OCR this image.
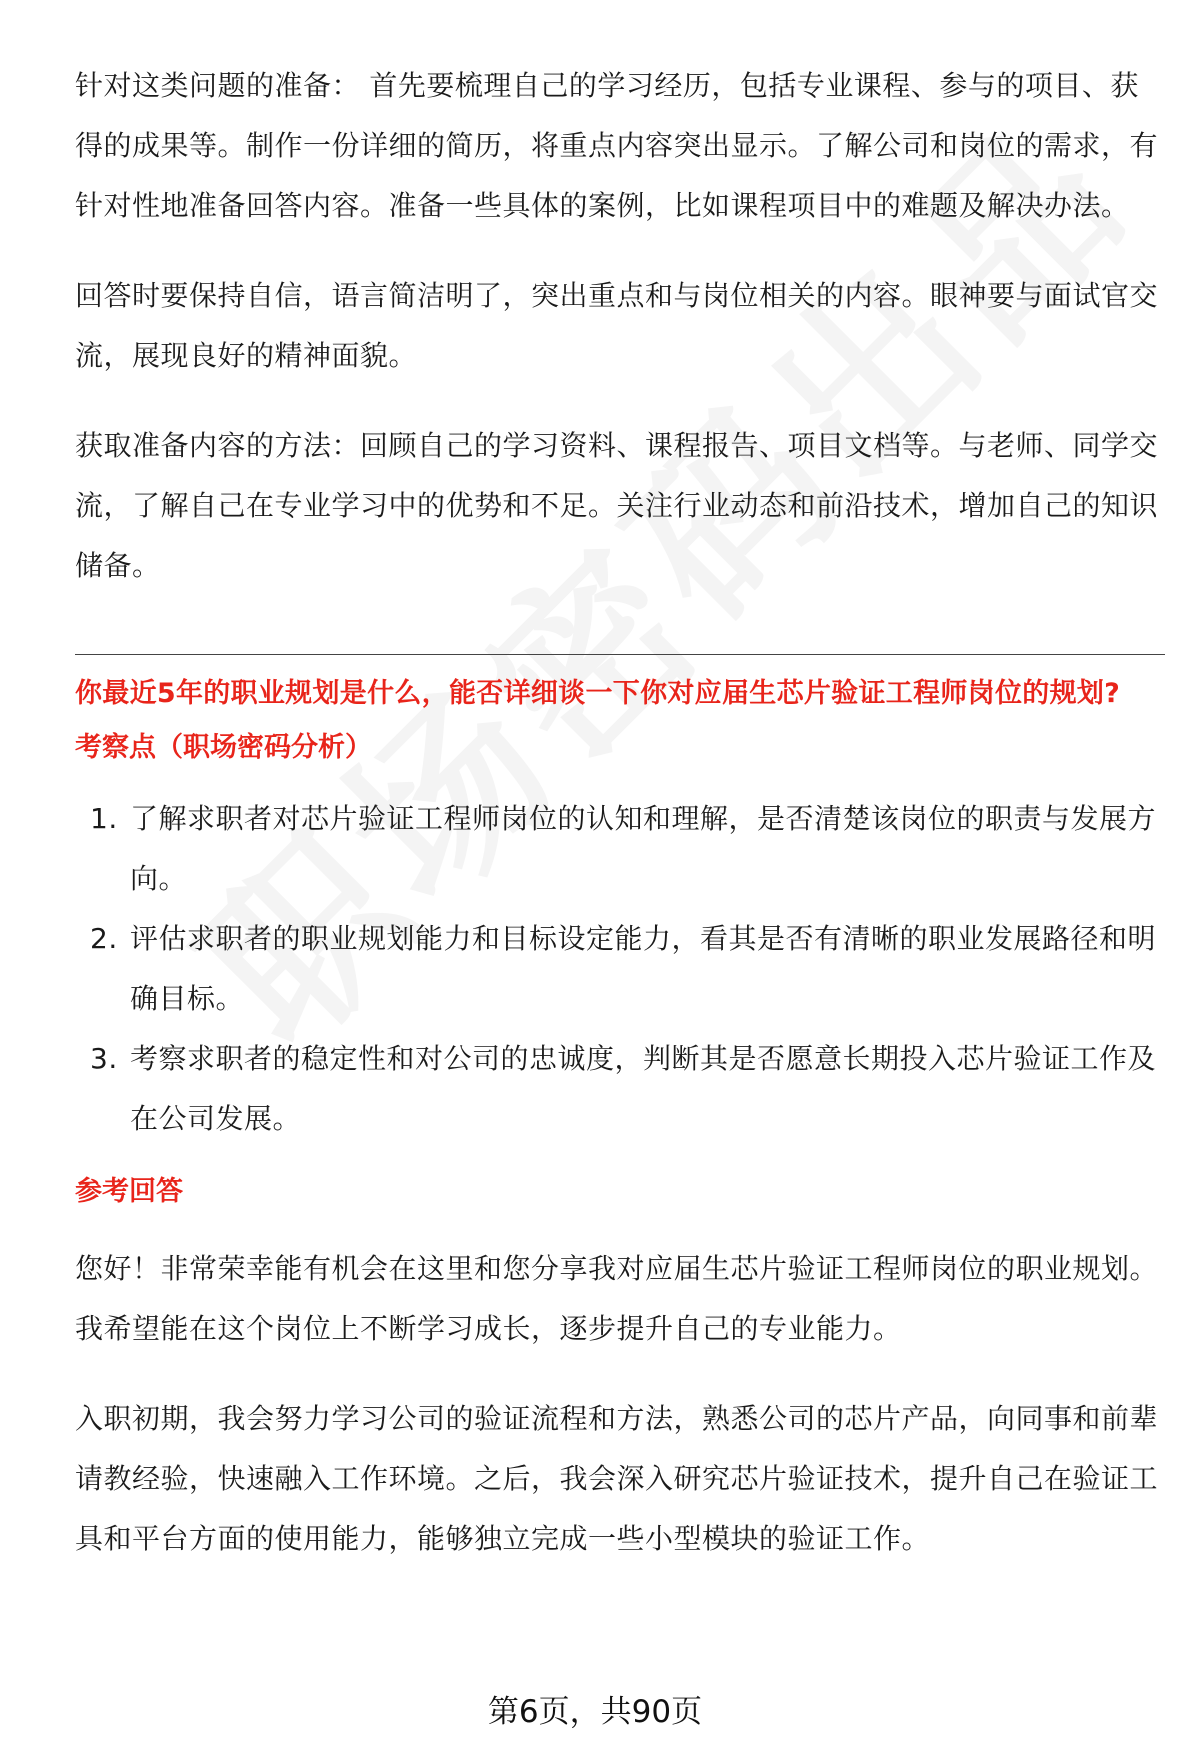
针对这类问题的准备： 首先要梳理自己的学习经历，包括专业课程、参与的项目、获得的成果等。制作一份详细的简历，将重点内容突出显示。了解公司和岗位的需求，有针对性地准备回答内容。准备一些具体的案例，比如课程项目中的难题及解决办法。

回答时要保持自信，语言简洁明了，突出重点和与岗位相关的内容。眼神要与面试官交流，展现良好的精神面貌。

获取准备内容的方法：回顾自己的学习资料、课程报告、项目文档等。与老师、同学交流，了解自己在专业学习中的优势和不足。关注行业动态和前沿技术，增加自己的知识储备。

你最近5年的职业规划是什么，能否详细谈一下你对应届生芯片验证工程师岗位的规划?
考察点（职场密码分析）
1. 了解求职者对芯片验证工程师岗位的认知和理解，是否清楚该岗位的职责与发展方向。
2. 评估求职者的职业规划能力和目标设定能力，看其是否有清晰的职业发展路径和明确目标。
3. 考察求职者的稳定性和对公司的忠诚度，判断其是否愿意长期投入芯片验证工作及在公司发展。
参考回答

您好！非常荣幸能有机会在这里和您分享我对应届生芯片验证工程师岗位的职业规划。我希望能在这个岗位上不断学习成长，逐步提升自己的专业能力。

入职初期，我会努力学习公司的验证流程和方法，熟悉公司的芯片产品，向同事和前辈请教经验，快速融入工作环境。之后，我会深入研究芯片验证技术，提升自己在验证工具和平台方面的使用能力，能够独立完成一些小型模块的验证工作。

第6页，共90页
